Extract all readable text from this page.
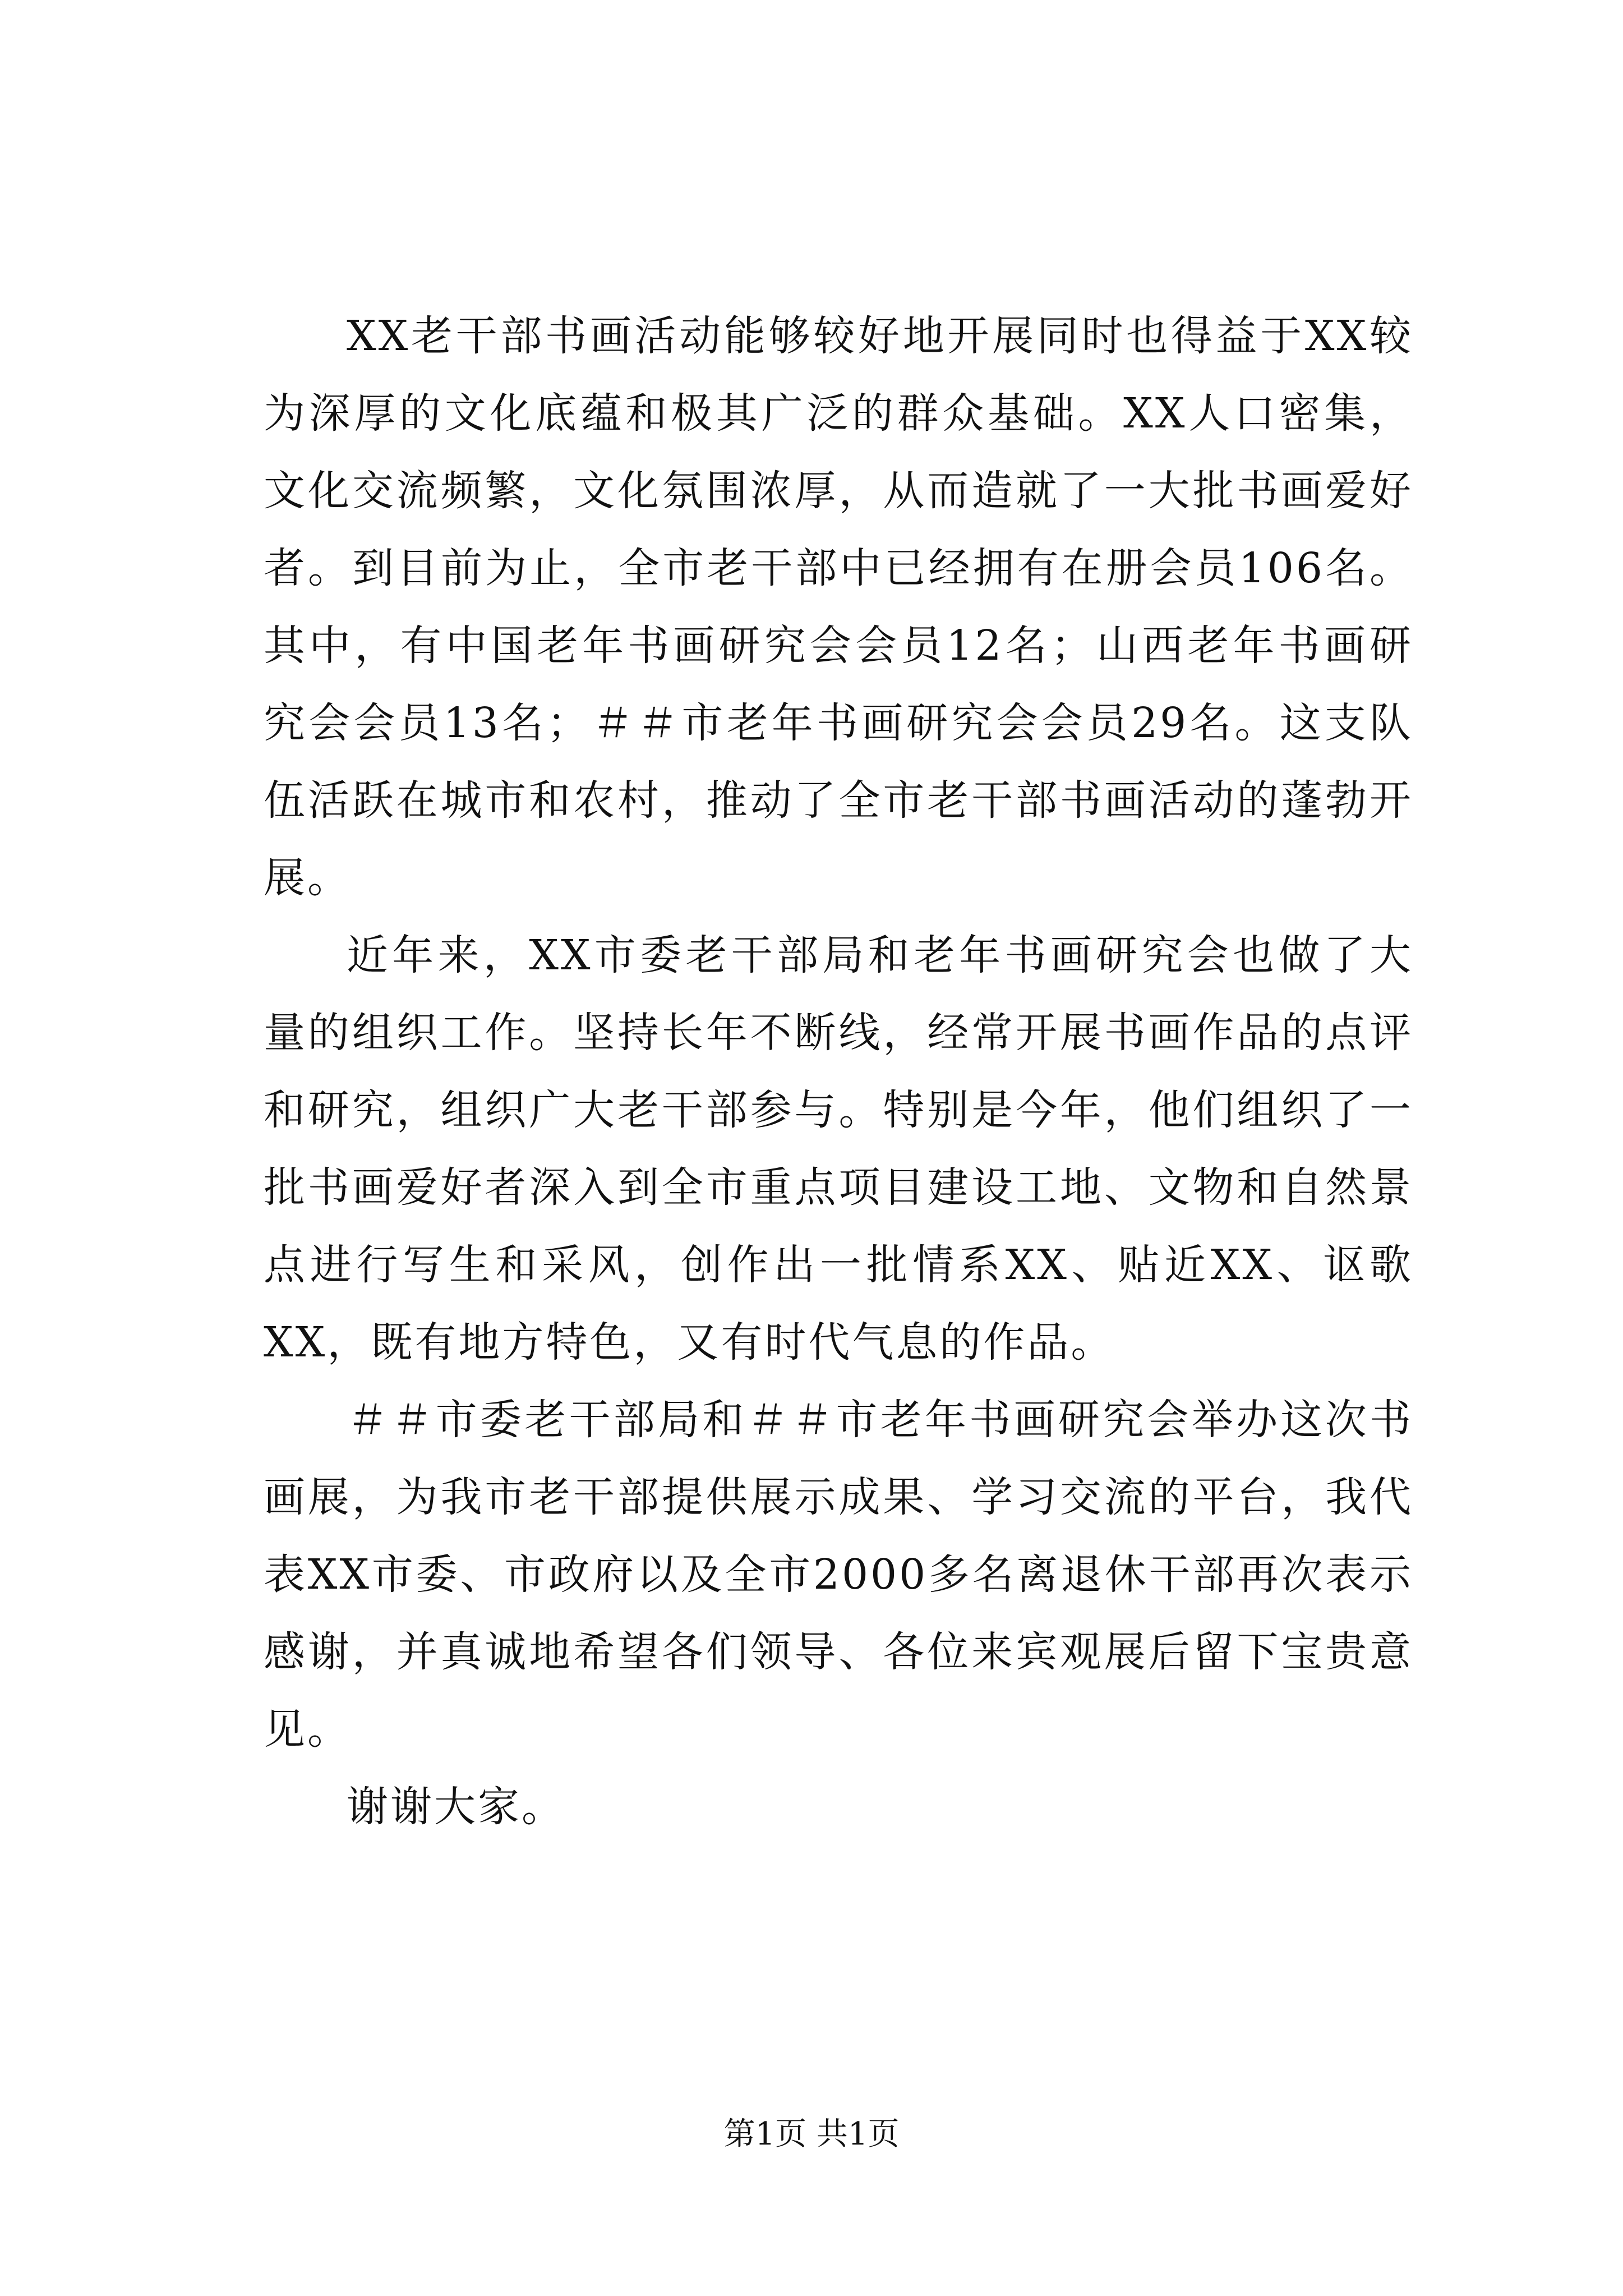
XX老干部书画活动能够较好地开展同时也得益于XX较为深厚的文化底蕴和极其广泛的群众基础。XX人口密集，文化交流频繁，文化氛围浓厚，从而造就了一大批书画爱好者。到目前为止，全市老干部中已经拥有在册会员106名。其中，有中国老年书画研究会会员12名；山西老年书画研究会会员13名；＃＃市老年书画研究会会员29名。这支队伍活跃在城市和农村，推动了全市老干部书画活动的蓬勃开展。

近年来，XX市委老干部局和老年书画研究会也做了大量的组织工作。坚持长年不断线，经常开展书画作品的点评和研究，组织广大老干部参与。特别是今年，他们组织了一批书画爱好者深入到全市重点项目建设工地、文物和自然景点进行写生和采风，创作出一批情系XX、贴近XX、讴歌XX，既有地方特色，又有时代气息的作品。

＃＃市委老干部局和＃＃市老年书画研究会举办这次书画展，为我市老干部提供展示成果、学习交流的平台，我代表XX市委、市政府以及全市2000多名离退休干部再次表示感谢，并真诚地希望各们领导、各位来宾观展后留下宝贵意见。

谢谢大家。

第1页 共1页
